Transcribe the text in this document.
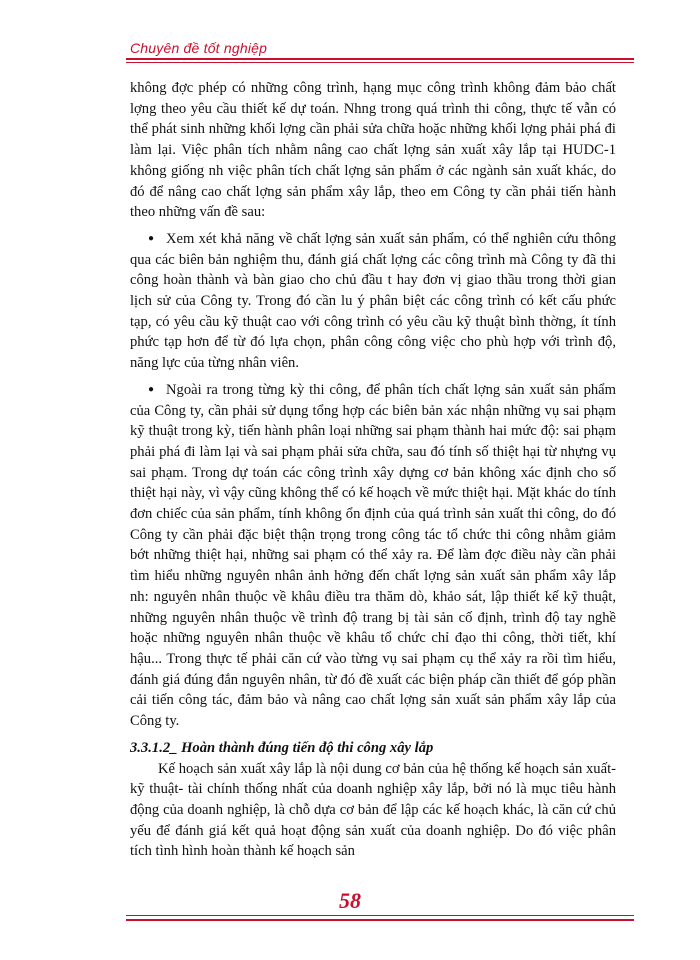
Chuyên đề tốt nghiệp

không đợc phép có những công trình, hạng mục công trình không đảm bảo chất lợng theo yêu cầu thiết kế dự toán. Nhng trong quá trình thi công, thực tế vẫn có thể phát sinh những khối lợng cần phải sửa chữa hoặc những khối lợng phải phá đi làm lại. Việc phân tích nhằm nâng cao chất lợng sản xuất xây lắp tại HUDC-1 không giống nh việc phân tích chất lợng sản phẩm ở các ngành sản xuất khác, do đó để nâng cao chất lợng sản phẩm xây lắp, theo em Công ty cần phải tiến hành theo những vấn đề sau:

● Xem xét khả năng về chất lợng sản xuất sản phẩm, có thể nghiên cứu thông qua các biên bản nghiệm thu, đánh giá chất lợng các công trình mà Công ty đã thi công hoàn thành và bàn giao cho chủ đầu t hay đơn vị giao thầu trong thời gian lịch sử của Công ty. Trong đó cần lu ý phân biệt các công trình có kết cấu phức tạp, có yêu cầu kỹ thuật cao với công trình có yêu cầu kỹ thuật bình thờng, ít tính phức tạp hơn để từ đó lựa chọn, phân công công việc cho phù hợp với trình độ, năng lực của từng nhân viên.

● Ngoài ra trong từng kỳ thi công, để phân tích chất lợng sản xuất sản phẩm của Công ty, cần phải sử dụng tổng hợp các biên bản xác nhận những vụ sai phạm kỹ thuật trong kỳ, tiến hành phân loại những sai phạm thành hai mức độ: sai phạm phải phá đi làm lại và sai phạm phải sửa chữa, sau đó tính số thiệt hại từ nhựng vụ sai phạm. Trong dự toán các công trình xây dựng cơ bản không xác định cho số thiệt hại này, vì vậy cũng không thể có kế hoạch về mức thiệt hại. Mặt khác do tính đơn chiếc của sản phẩm, tính không ổn định của quá trình sản xuất thi công, do đó Công ty cần phải đặc biệt thận trọng trong công tác tổ chức thi công nhằm giảm bớt những thiệt hại, những sai phạm có thể xảy ra. Để làm đợc điều này cần phải tìm hiểu những nguyên nhân ảnh hởng đến chất lợng sản xuất sản phẩm xây lắp nh: nguyên nhân thuộc về khâu điều tra thăm dò, khảo sát, lập thiết kế kỹ thuật, những nguyên nhân thuộc về trình độ trang bị tài sản cố định, trình độ tay nghề hoặc những nguyên nhân thuộc về khâu tổ chức chỉ đạo thi công, thời tiết, khí hậu... Trong thực tế phải căn cứ vào từng vụ sai phạm cụ thể xảy ra rồi tìm hiểu, đánh giá đúng đắn nguyên nhân, từ đó đề xuất các biện pháp cần thiết để góp phần cải tiến công tác, đảm bảo và nâng cao chất lợng sản xuất sản phẩm xây lắp của Công ty.

3.3.1.2_ Hoàn thành đúng tiến độ thi công xây lắp

Kế hoạch sản xuất xây lắp là nội dung cơ bản của hệ thống kế hoạch sản xuất- kỹ thuật- tài chính thống nhất của doanh nghiệp xây lắp, bởi nó là mục tiêu hành động của doanh nghiệp, là chỗ dựa cơ bản để lập các kế hoạch khác, là căn cứ chủ yếu để đánh giá kết quả hoạt động sản xuất của doanh nghiệp. Do đó việc phân tích tình hình hoàn thành kế hoạch sản

58
